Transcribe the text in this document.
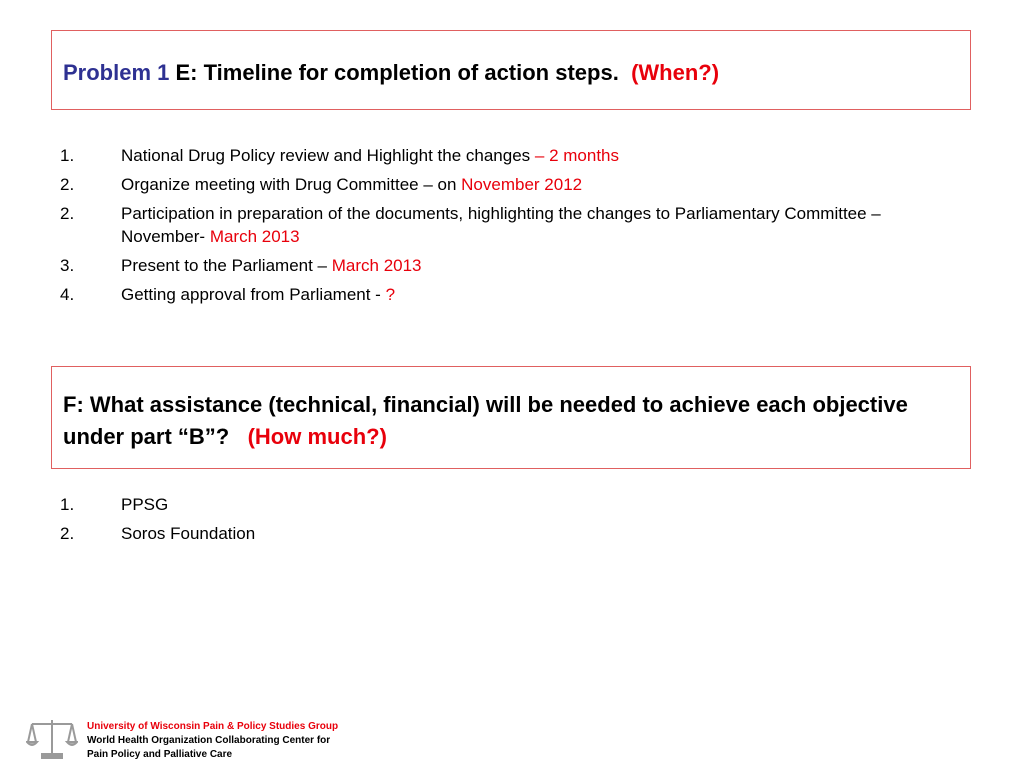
Problem 1 E: Timeline for completion of action steps. (When?)
1.	National Drug Policy review and Highlight the changes – 2 months
2.	Organize meeting with Drug Committee – on November 2012
2.	Participation in preparation of the documents, highlighting the changes to Parliamentary Committee – November- March 2013
3.	Present to the Parliament – March 2013
4.	Getting approval from Parliament - ?
F: What assistance (technical, financial) will be needed to achieve each objective under part “B”? (How much?)
1.	PPSG
2.	Soros Foundation
University of Wisconsin Pain & Policy Studies Group
World Health Organization Collaborating Center for
Pain Policy and Palliative Care
